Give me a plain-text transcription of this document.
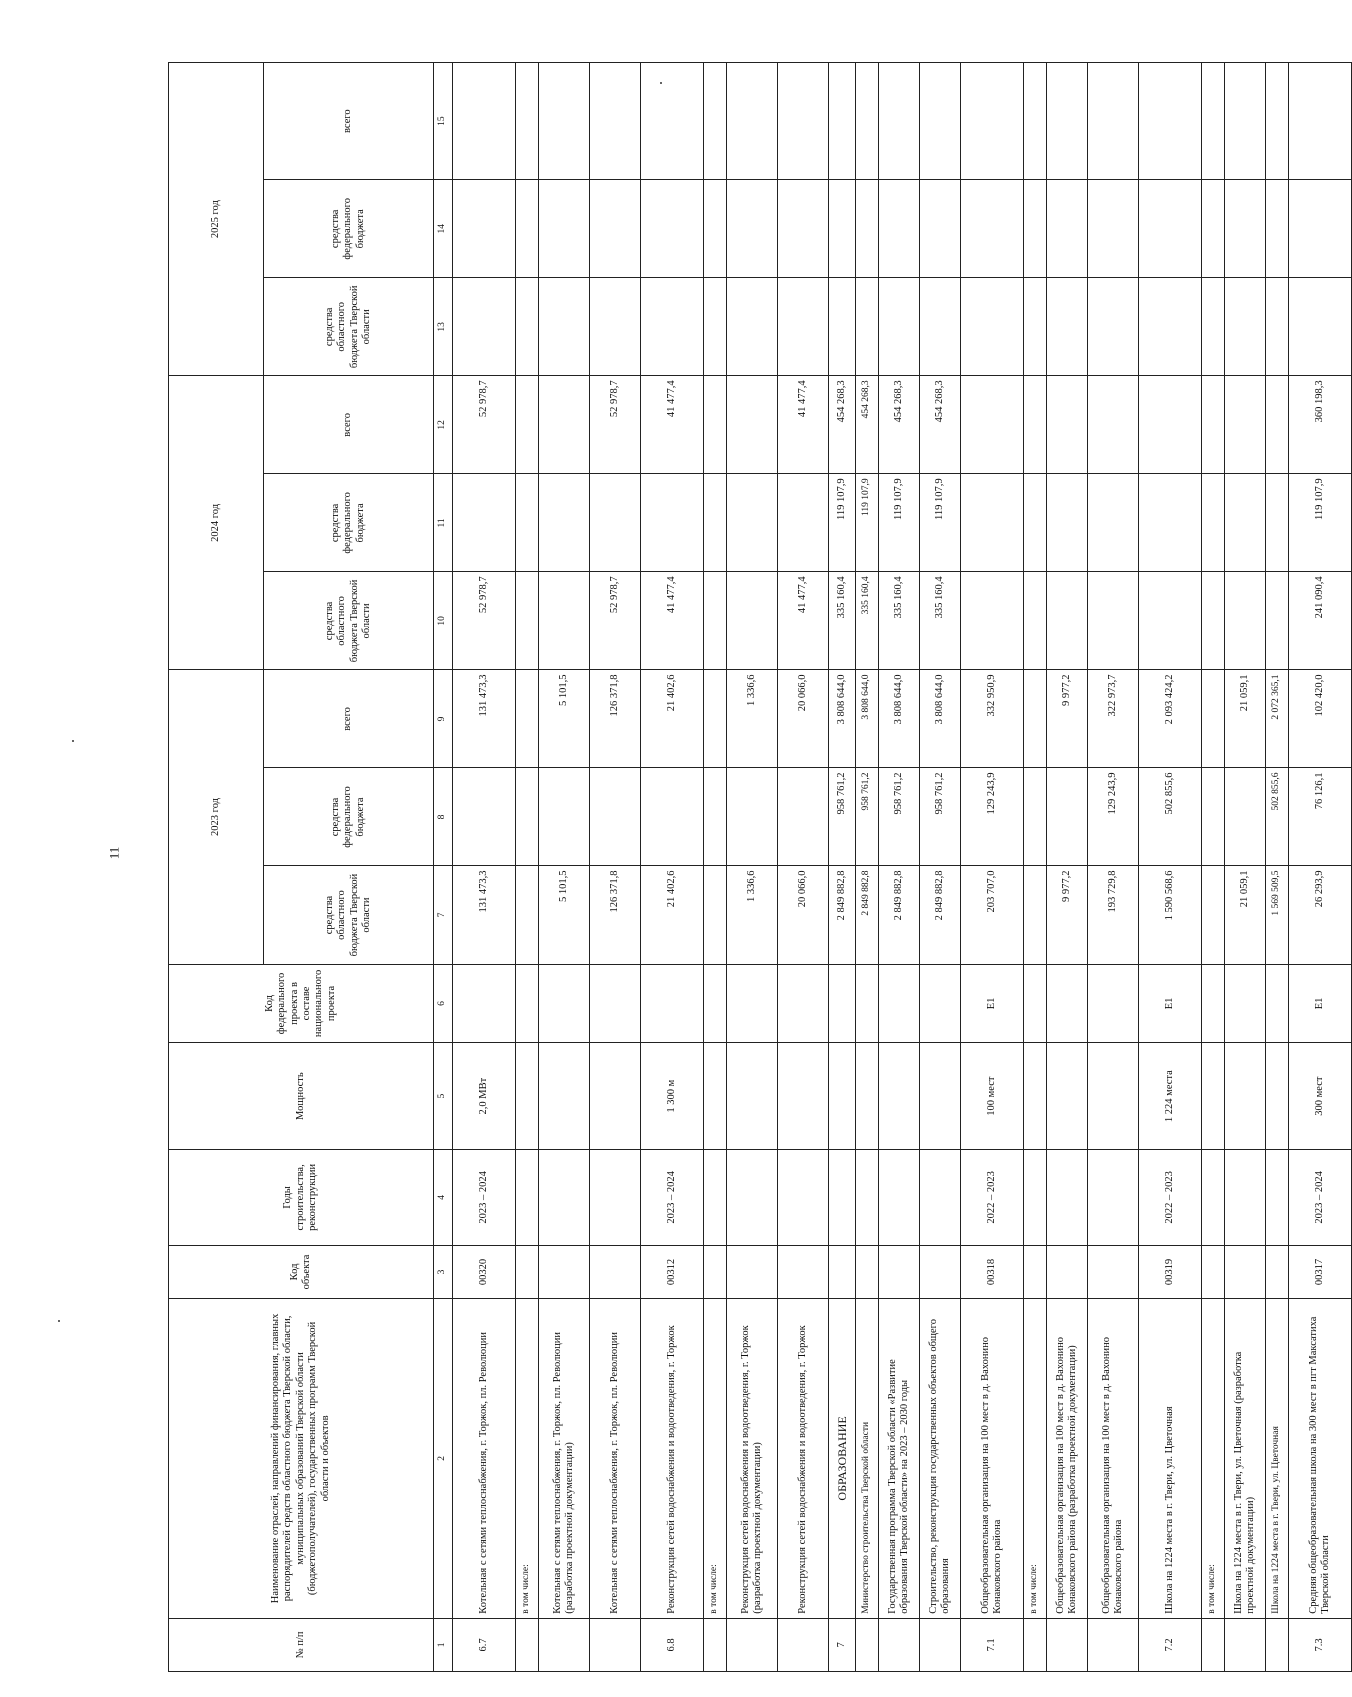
11
№ п/п	Наименование отраслей, направлений финансирования, главных распорядителей средств областного бюджета Тверской области, муниципальных образований Тверской области (бюджетополучателей), государственных программ Тверской области и объектов	Код объекта	Годы строительства, реконструкции	Мощность	Код федерального проекта в составе национального проекта	2023 год			2024 год			2025 год		
						средства областного бюджета Тверской области	средства федерального бюджета	всего	средства областного бюджета Тверской области	средства федерального бюджета	всего	средства областного бюджета Тверской области	средства федерального бюджета	всего
1	2	3	4	5	6	7	8	9	10	11	12	13	14	15
6.7	Котельная с сетями теплоснабжения, г. Торжок, пл. Революции	00320	2023 – 2024	2,0 МВт		131 473,3		131 473,3	52 978,7		52 978,7			
	в том числе:													
	Котельная с сетями теплоснабжения, г. Торжок, пл. Революции (разработка проектной документации)					5 101,5		5 101,5						
	Котельная с сетями теплоснабжения, г. Торжок, пл. Революции					126 371,8		126 371,8	52 978,7		52 978,7			
6.8	Реконструкция сетей водоснабжения и водоотведения, г. Торжок	00312	2023 – 2024	1 300 м		21 402,6		21 402,6	41 477,4		41 477,4			
	в том числе:													
	Реконструкция сетей водоснабжения и водоотведения, г. Торжок (разработка проектной документации)					1 336,6		1 336,6						
	Реконструкция сетей водоснабжения и водоотведения, г. Торжок					20 066,0		20 066,0	41 477,4		41 477,4			
7	ОБРАЗОВАНИЕ					2 849 882,8	958 761,2	3 808 644,0	335 160,4	119 107,9	454 268,3			
	Министерство строительства Тверской области					2 849 882,8	958 761,2	3 808 644,0	335 160,4	119 107,9	454 268,3			
	Государственная программа Тверской области «Развитие образования Тверской области» на 2023 – 2030 годы					2 849 882,8	958 761,2	3 808 644,0	335 160,4	119 107,9	454 268,3			
	Строительство, реконструкция государственных объектов общего образования					2 849 882,8	958 761,2	3 808 644,0	335 160,4	119 107,9	454 268,3			
7.1	Общеобразовательная организация на 100 мест в д. Вахонино Конаковского района	00318	2022 – 2023	100 мест	Е1	203 707,0	129 243,9	332 950,9						
	в том числе:													
	Общеобразовательная организация на 100 мест в д. Вахонино Конаковского района (разработка проектной документации)					9 977,2		9 977,2						
	Общеобразовательная организация на 100 мест в д. Вахонино Конаковского района					193 729,8	129 243,9	322 973,7						
7.2	Школа на 1224 места в г. Твери, ул. Цветочная	00319	2022 – 2023	1 224 места	Е1	1 590 568,6	502 855,6	2 093 424,2						
	в том числе:													
	Школа на 1224 места в г. Твери, ул. Цветочная (разработка проектной документации)					21 059,1		21 059,1						
	Школа на 1224 места в г. Твери, ул. Цветочная					1 569 509,5	502 855,6	2 072 365,1						
7.3	Средняя общеобразовательная школа на 300 мест в пгт Максатиха Тверской области	00317	2023 – 2024	300 мест	Е1	26 293,9	76 126,1	102 420,0	241 090,4	119 107,9	360 198,3			
